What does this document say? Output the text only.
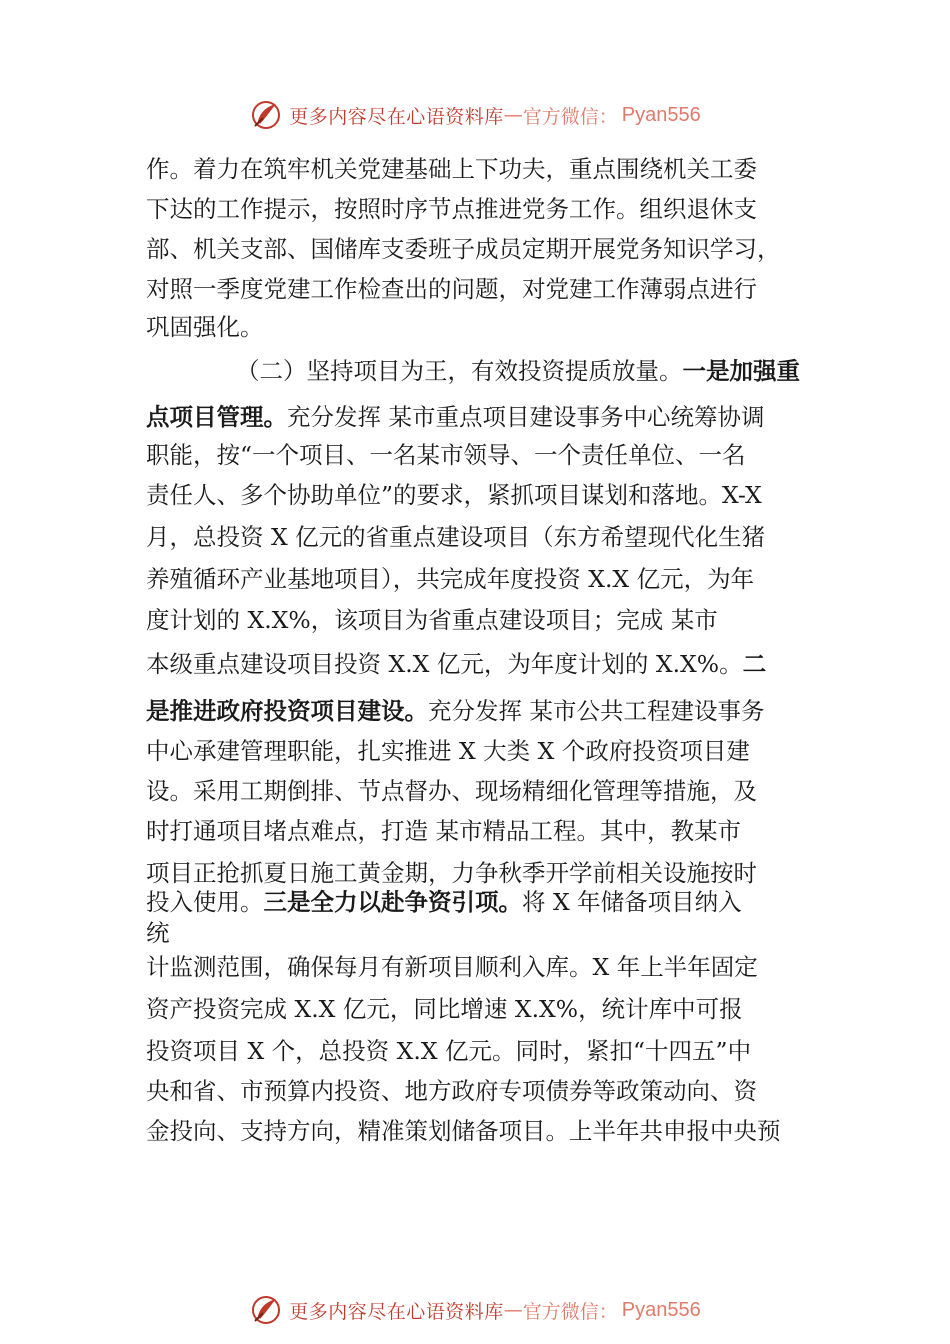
更多内容尽在心语资料库 — 官方微信： Pyan556
作。着力在筑牢机关党建基础上下功夫，重点围绕机关工委
下达的工作提示，按照时序节点推进党务工作。组织退休支
部、机关支部、国储库支委班子成员定期开展党务知识学习，
对照一季度党建工作检查出的问题，对党建工作薄弱点进行
巩固强化。
（二）坚持项目为王，有效投资提质放量。一是加强重
点项目管理。充分发挥 某市重点项目建设事务中心统筹协调
职能，按“一个项目、一名某市领导、一个责任单位、一名
责任人、多个协助单位”的要求，紧抓项目谋划和落地。X-X
月，总投资 X 亿元的省重点建设项目（东方希望现代化生猪
养殖循环产业基地项目），共完成年度投资 X.X 亿元，为年
度计划的 X.X%，该项目为省重点建设项目；完成 某市
本级重点建设项目投资 X.X 亿元，为年度计划的 X.X%。二
是推进政府投资项目建设。充分发挥 某市公共工程建设事务
中心承建管理职能，扎实推进 X 大类 X 个政府投资项目建
设。采用工期倒排、节点督办、现场精细化管理等措施，及
时打通项目堵点难点，打造 某市精品工程。其中，教某市
项目正抢抓夏日施工黄金期，力争秋季开学前相关设施按时
投入使用。三是全力以赴争资引项。将 X 年储备项目纳入
统
计监测范围，确保每月有新项目顺利入库。X 年上半年固定
资产投资完成 X.X 亿元，同比增速 X.X%，统计库中可报
投资项目 X 个，总投资 X.X 亿元。同时，紧扣“十四五”中
央和省、市预算内投资、地方政府专项债券等政策动向、资
金投向、支持方向，精准策划储备项目。上半年共申报中央预
更多内容尽在心语资料库 — 官方微信： Pyan556
